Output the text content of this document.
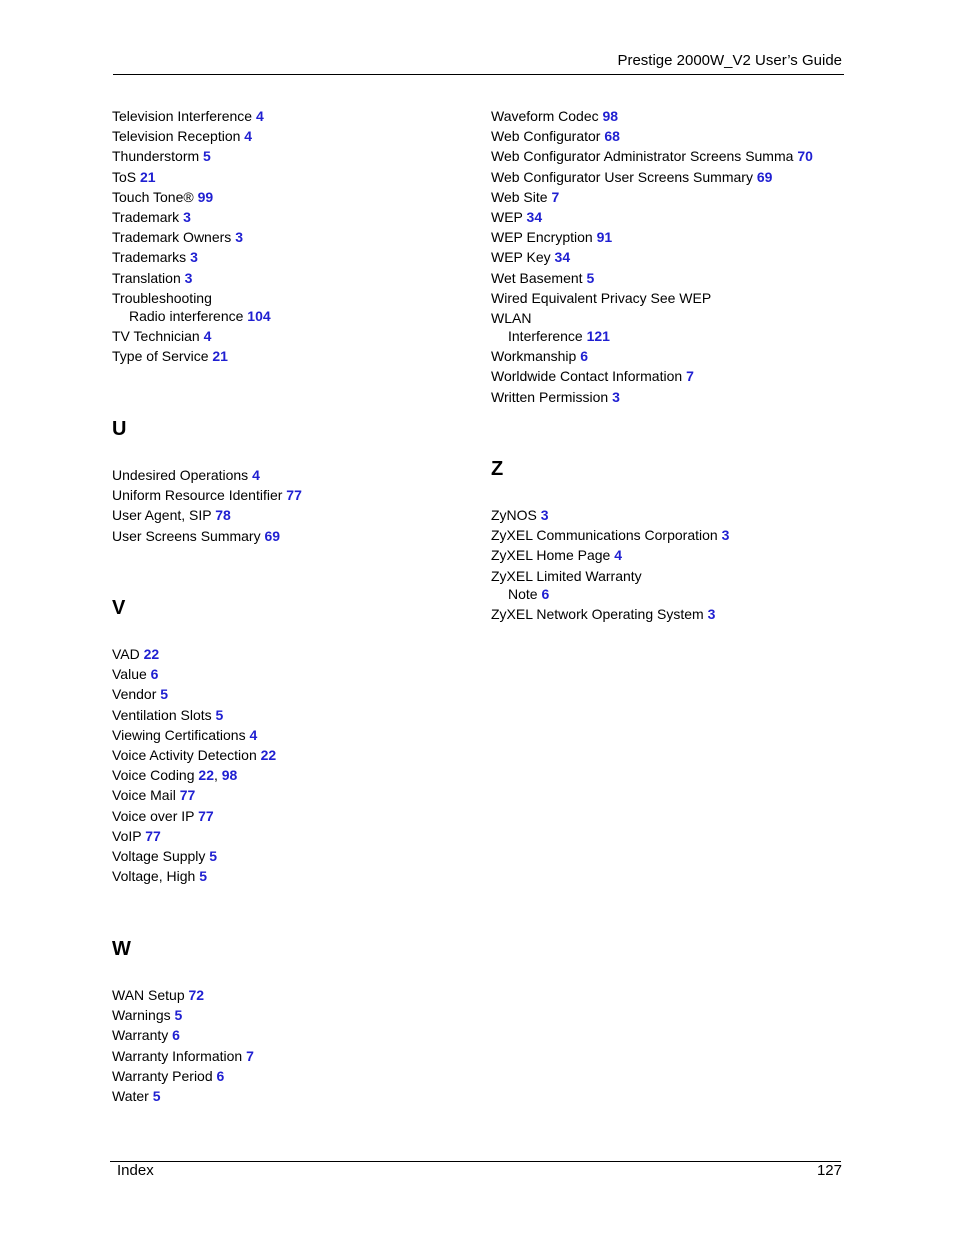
Prestige 2000W_V2 User’s Guide
U
V
W
Television Interference 4
Television Reception 4
Thunderstorm 5
ToS 21
Touch Tone® 99
Trademark 3
Trademark Owners 3
Trademarks 3
Translation 3
Troubleshooting
Radio interference 104
TV Technician 4
Type of Service 21
Undesired Operations 4
Uniform Resource Identifier 77
User Agent, SIP 78
User Screens Summary 69
VAD 22
Value 6
Vendor 5
Ventilation Slots 5
Viewing Certifications 4
Voice Activity Detection 22
Voice Coding 22, 98
Voice Mail 77
Voice over IP 77
VoIP 77
Voltage Supply 5
Voltage, High 5
WAN Setup 72
Warnings 5
Warranty 6
Warranty Information 7
Warranty Period 6
Water 5
Z
Waveform Codec 98
Web Configurator 68
Web Configurator Administrator Screens Summa 70
Web Configurator User Screens Summary 69
Web Site 7
WEP 34
WEP Encryption 91
WEP Key 34
Wet Basement 5
Wired Equivalent Privacy See WEP
WLAN
Interference 121
Workmanship 6
Worldwide Contact Information 7
Written Permission 3
ZyNOS 3
ZyXEL Communications Corporation 3
ZyXEL Home Page 4
ZyXEL Limited Warranty
Note 6
ZyXEL Network Operating System 3
Index	127
